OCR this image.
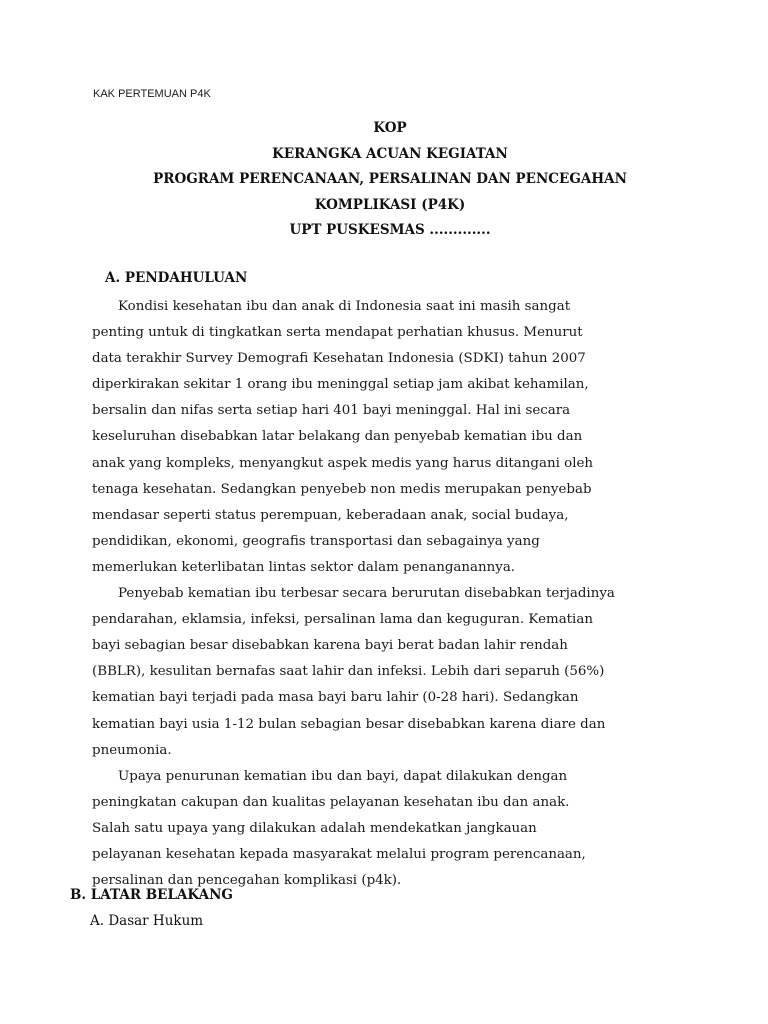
KAK PERTEMUAN P4K
KOP
KERANGKA ACUAN KEGIATAN
PROGRAM PERENCANAAN, PERSALINAN DAN PENCEGAHAN
KOMPLIKASI (P4K)
UPT PUSKESMAS .............
A. PENDAHULUAN
Kondisi kesehatan ibu dan anak di Indonesia saat ini masih sangat
penting untuk di tingkatkan serta mendapat perhatian khusus. Menurut
data terakhir Survey Demografi Kesehatan Indonesia (SDKI) tahun 2007
diperkirakan sekitar 1 orang ibu meninggal setiap jam akibat kehamilan,
bersalin dan nifas serta setiap hari 401 bayi meninggal. Hal ini secara
keseluruhan disebabkan latar belakang dan penyebab kematian ibu dan
anak yang kompleks, menyangkut aspek medis yang harus ditangani oleh
tenaga kesehatan. Sedangkan penyebeb non medis merupakan penyebab
mendasar seperti status perempuan, keberadaan anak, social budaya,
pendidikan, ekonomi, geografis transportasi dan sebagainya yang
memerlukan keterlibatan lintas sektor dalam penanganannya.
Penyebab kematian ibu terbesar secara berurutan disebabkan terjadinya
pendarahan, eklamsia, infeksi, persalinan lama dan keguguran. Kematian
bayi sebagian besar disebabkan karena bayi berat badan lahir rendah
(BBLR), kesulitan bernafas saat lahir dan infeksi. Lebih dari separuh (56%)
kematian bayi terjadi pada masa bayi baru lahir (0-28 hari). Sedangkan
kematian bayi usia 1-12 bulan sebagian besar disebabkan karena diare dan
pneumonia.
Upaya penurunan kematian ibu dan bayi, dapat dilakukan dengan
peningkatan cakupan dan kualitas pelayanan kesehatan ibu dan anak.
Salah satu upaya yang dilakukan adalah mendekatkan jangkauan
pelayanan kesehatan kepada masyarakat melalui program perencanaan,
persalinan dan pencegahan komplikasi (p4k).
B. LATAR BELAKANG
A. Dasar Hukum
